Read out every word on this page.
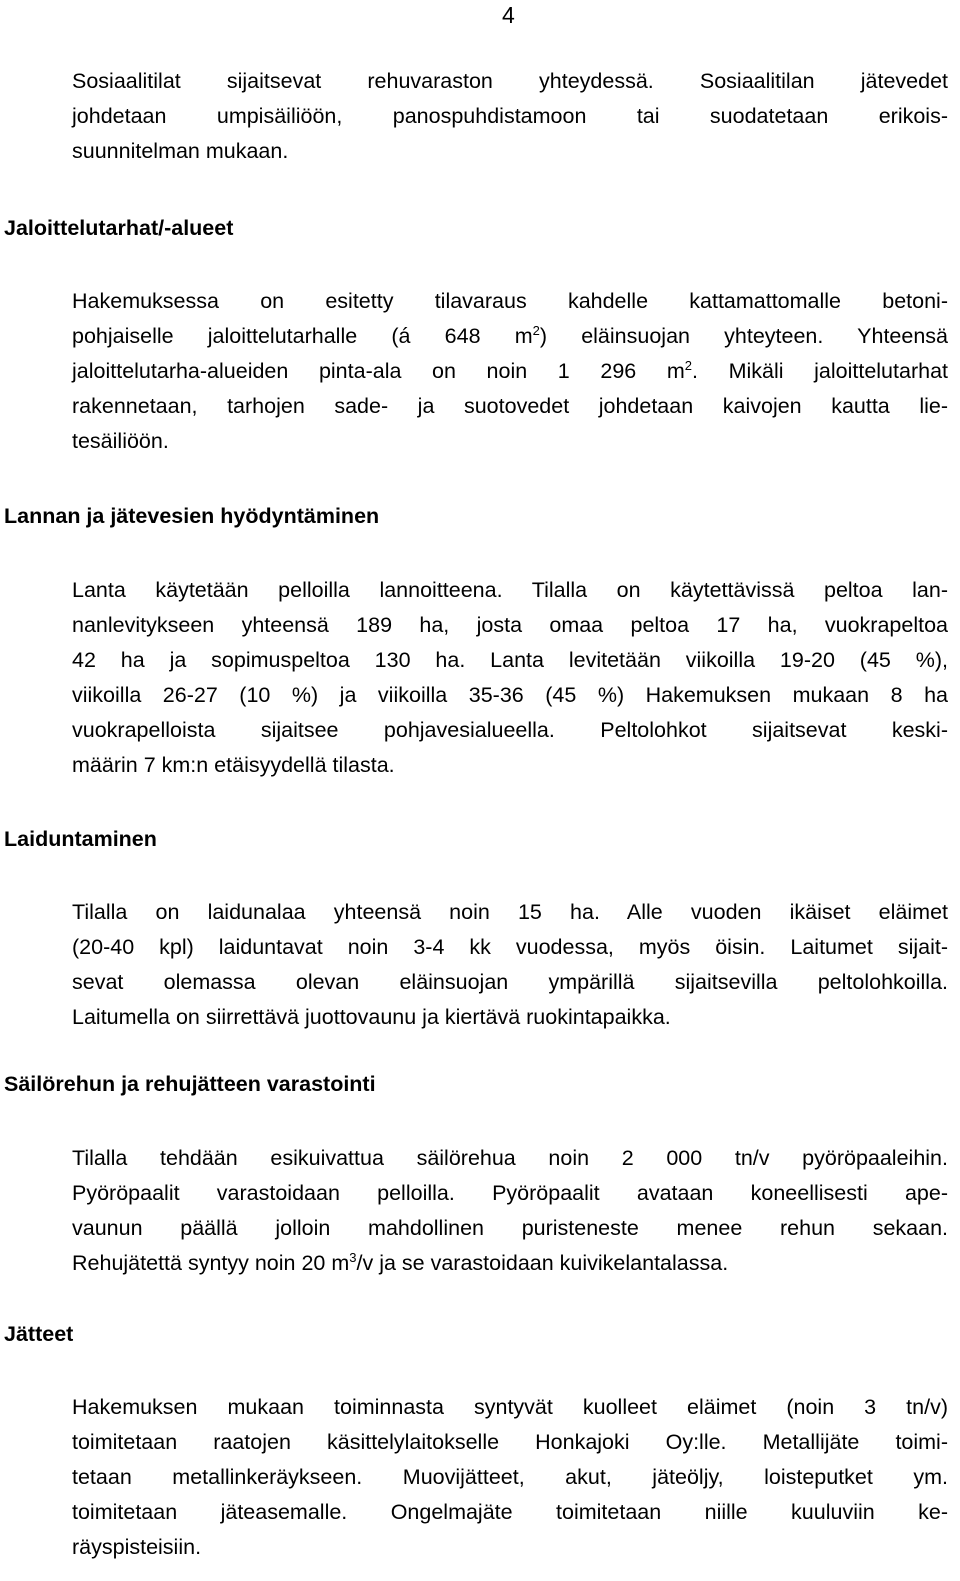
4

Sosiaalitilat sijaitsevat rehuvaraston yhteydessä. Sosiaalitilan jätevedet
johdetaan umpisäiliöön, panospuhdistamoon tai suodatetaan erikois-
suunnitelman mukaan.

Jaloittelutarhat/-alueet

Hakemuksessa on esitetty tilavaraus kahdelle kattamattomalle betoni-
pohjaiselle jaloittelutarhalle (á 648 $m^2$) eläinsuojan yhteyteen. Yhteensä
jaloittelutarha-alueiden pinta-ala on noin 1 296 $m^2$. Mikäli jaloittelutarhat
rakennetaan, tarhojen sade- ja suotovedet johdetaan kaivojen kautta lie-
tesäiliöön.

Lannan ja jätevesien hyödyntäminen

Lanta käytetään pelloilla lannoitteena. Tilalla on käytettävissä peltoa lan-
nanlevitykseen yhteensä 189 ha, josta omaa peltoa 17 ha, vuokrapeltoa
42 ha ja sopimuspeltoa 130 ha. Lanta levitetään viikoilla 19-20 (45 %),
viikoilla 26-27 (10 %) ja viikoilla 35-36 (45 %) Hakemuksen mukaan 8 ha
vuokrapelloista sijaitsee pohjavesialueella. Peltolohkot sijaitsevat keski-
määrin 7 km:n etäisyydellä tilasta.

Laiduntaminen

Tilalla on laidunalaa yhteensä noin 15 ha. Alle vuoden ikäiset eläimet
(20-40 kpl) laiduntavat noin 3-4 kk vuodessa, myös öisin. Laitumet sijait-
sevat olemassa olevan eläinsuojan ympärillä sijaitsevilla peltolohkoilla.
Laitumella on siirrettävä juottovaunu ja kiertävä ruokintapaikka.

Säilörehun ja rehujätteen varastointi

Tilalla tehdään esikuivattua säilörehua noin 2 000 tn/v pyöröpaaleihin.
Pyöröpaalit varastoidaan pelloilla. Pyöröpaalit avataan koneellisesti ape-
vaunun päällä jolloin mahdollinen puristeneste menee rehun sekaan.
Rehujätettä syntyy noin 20 $m^3/v$ ja se varastoidaan kuivikelantalassa.

Jätteet

Hakemuksen mukaan toiminnasta syntyvät kuolleet eläimet (noin 3 tn/v)
toimitetaan raatojen käsittelylaitokselle Honkajoki Oy:lle. Metallijäte toimi-
tetaan metallinkeräykseen. Muovijätteet, akut, jäteöljy, loisteputket ym.
toimitetaan jäteasemalle. Ongelmajäte toimitetaan niille kuuluviin ke-
räyspisteisiin.
